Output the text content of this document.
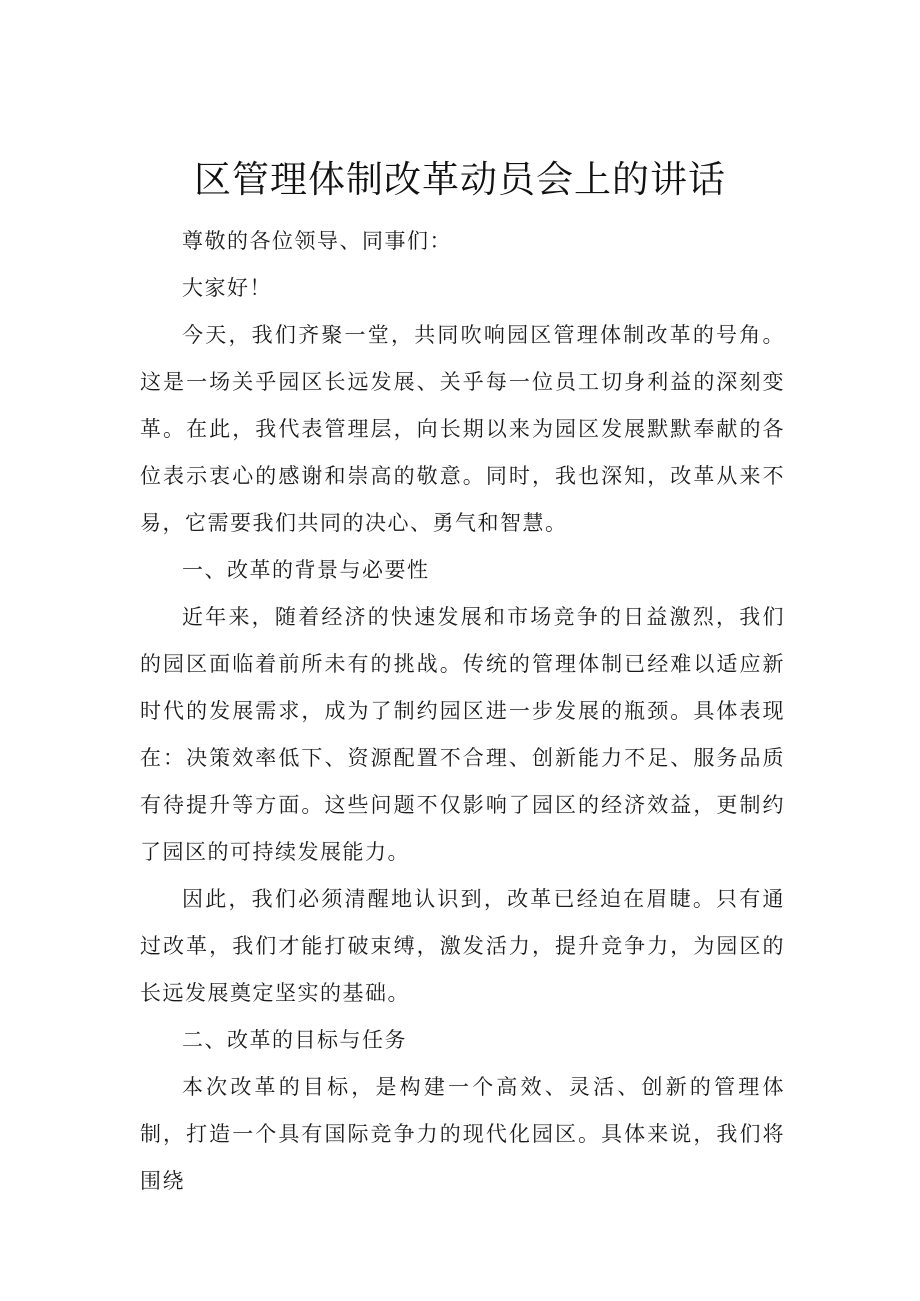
区管理体制改革动员会上的讲话

尊敬的各位领导、同事们：

大家好！

今天，我们齐聚一堂，共同吹响园区管理体制改革的号角。这是一场关乎园区长远发展、关乎每一位员工切身利益的深刻变革。在此，我代表管理层，向长期以来为园区发展默默奉献的各位表示衷心的感谢和崇高的敬意。同时，我也深知，改革从来不易，它需要我们共同的决心、勇气和智慧。

一、改革的背景与必要性

近年来，随着经济的快速发展和市场竞争的日益激烈，我们的园区面临着前所未有的挑战。传统的管理体制已经难以适应新时代的发展需求，成为了制约园区进一步发展的瓶颈。具体表现在：决策效率低下、资源配置不合理、创新能力不足、服务品质有待提升等方面。这些问题不仅影响了园区的经济效益，更制约了园区的可持续发展能力。

因此，我们必须清醒地认识到，改革已经迫在眉睫。只有通过改革，我们才能打破束缚，激发活力，提升竞争力，为园区的长远发展奠定坚实的基础。

二、改革的目标与任务

本次改革的目标，是构建一个高效、灵活、创新的管理体制，打造一个具有国际竞争力的现代化园区。具体来说，我们将围绕
